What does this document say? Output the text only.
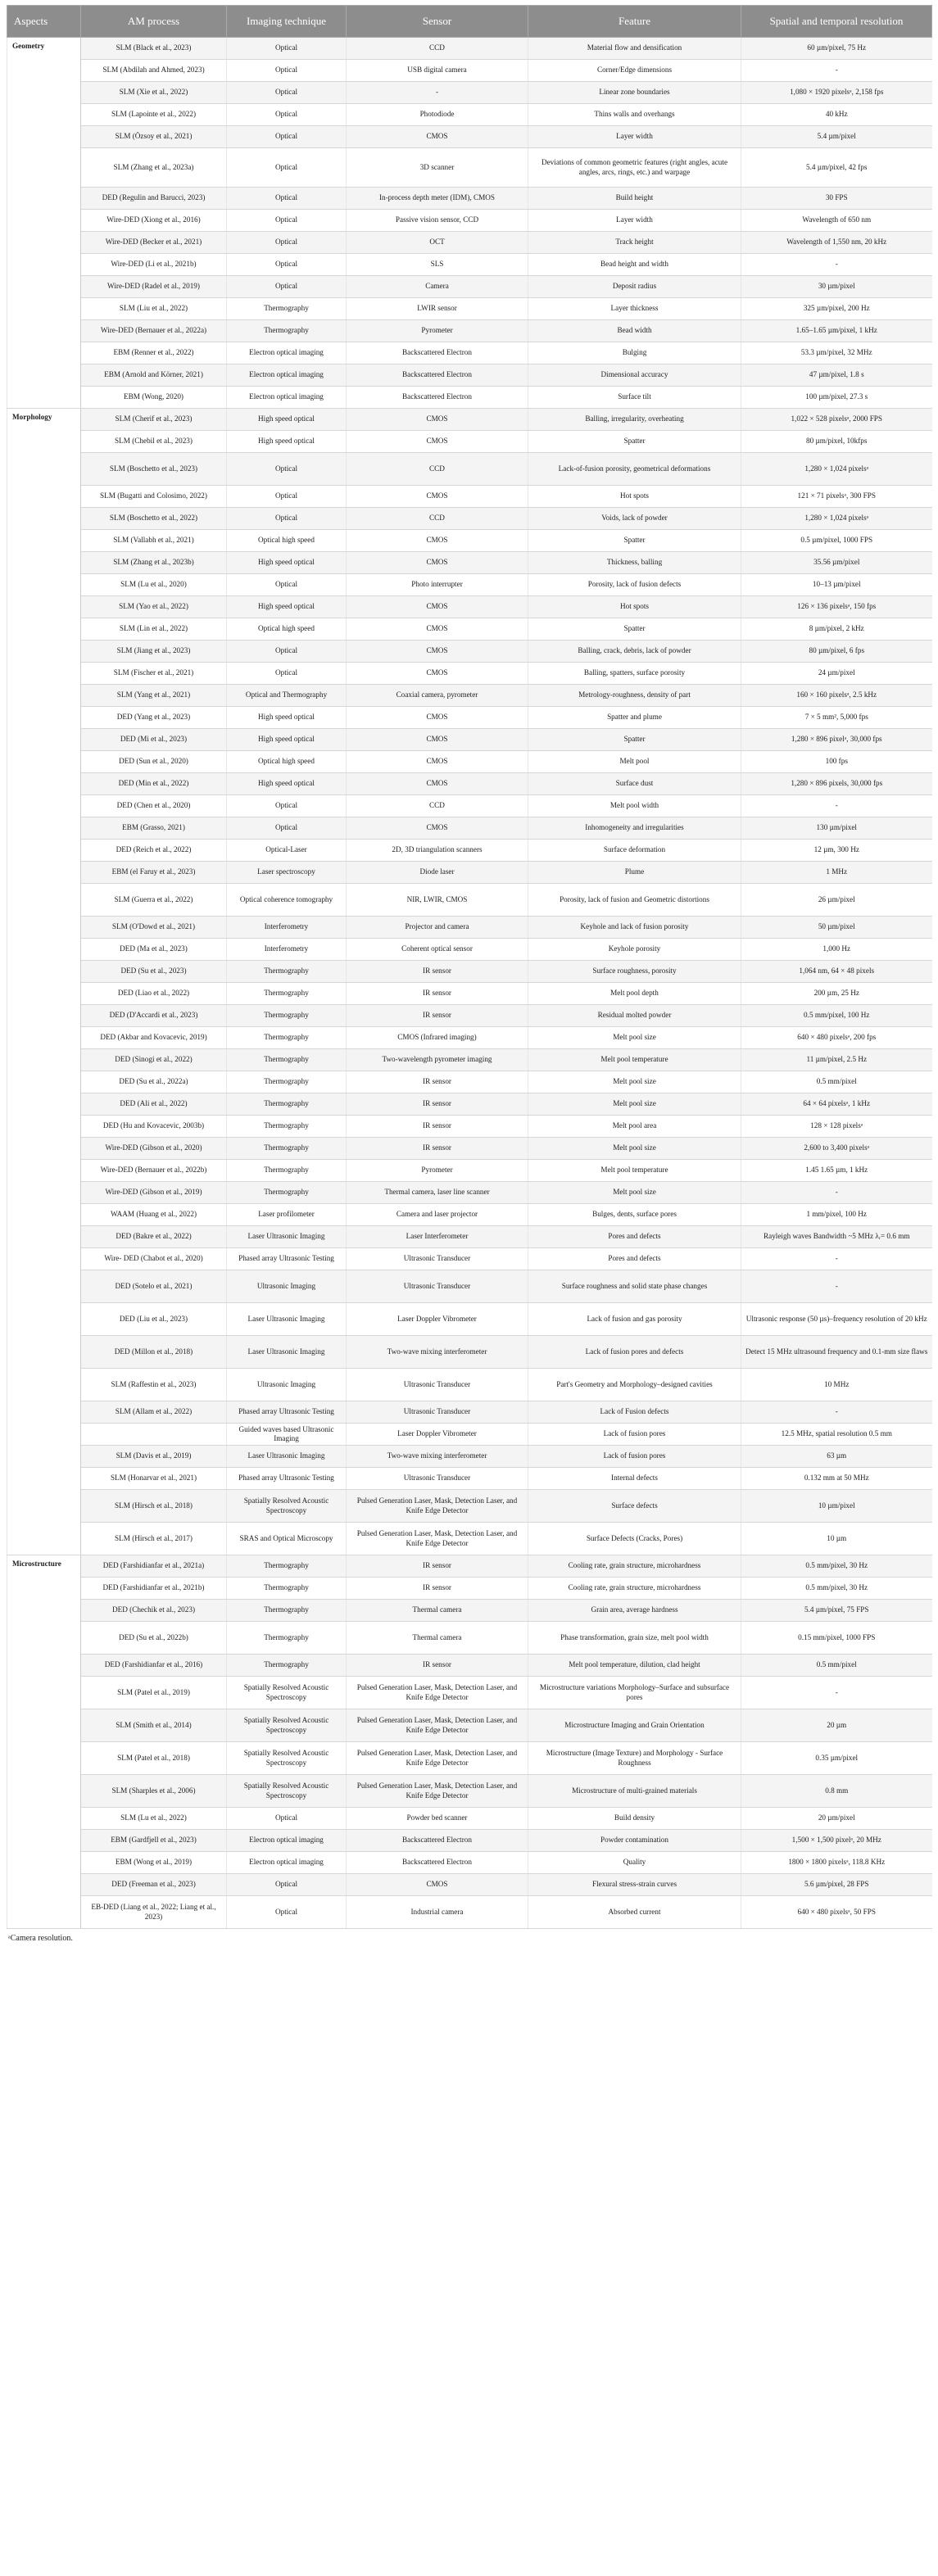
Aspects	AM process	Imaging technique	Sensor	Feature	Spatial and temporal resolution
Geometry	SLM (Black et al., 2023)	Optical	CCD	Material flow and densification	60 µm/pixel, 75 Hz
	SLM (Abdilah and Ahmed, 2023)	Optical	USB digital camera	Corner/Edge dimensions	-
	SLM (Xie et al., 2022)	Optical	-	Linear zone boundaries	1,080 × 1920 pixelsᵃ, 2,158 fps
	SLM (Lapointe et al., 2022)	Optical	Photodiode	Thins walls and overhangs	40 kHz
	SLM (Özsoy et al., 2021)	Optical	CMOS	Layer width	5.4 µm/pixel
	SLM (Zhang et al., 2023a)	Optical	3D scanner	Deviations of common geometric features (right angles, acute angles, arcs, rings, etc.) and warpage	5.4 µm/pixel, 42 fps
	DED (Regulin and Barucci, 2023)	Optical	In-process depth meter (IDM), CMOS	Build height	30 FPS
	Wire-DED (Xiong et al., 2016)	Optical	Passive vision sensor, CCD	Layer width	Wavelength of 650 nm
	Wire-DED (Becker et al., 2021)	Optical	OCT	Track height	Wavelength of 1,550 nm, 20 kHz
	Wire-DED (Li et al., 2021b)	Optical	SLS	Bead height and width	-
	Wire-DED (Radel et al., 2019)	Optical	Camera	Deposit radius	30 µm/pixel
	SLM (Liu et al., 2022)	Thermography	LWIR sensor	Layer thickness	325 µm/pixel, 200 Hz
	Wire-DED (Bernauer et al., 2022a)	Thermography	Pyrometer	Bead width	1.65–1.65 µm/pixel, 1 kHz
	EBM (Renner et al., 2022)	Electron optical imaging	Backscattered Electron	Bulging	53.3 µm/pixel, 32 MHz
	EBM (Arnold and Körner, 2021)	Electron optical imaging	Backscattered Electron	Dimensional accuracy	47 µm/pixel, 1.8 s
	EBM (Wong, 2020)	Electron optical imaging	Backscattered Electron	Surface tilt	100 µm/pixel, 27.3 s
Morphology	SLM (Cherif et al., 2023)	High speed optical	CMOS	Balling, irregularity, overheating	1,022 × 528 pixelsᵃ, 2000 FPS
	SLM (Chebil et al., 2023)	High speed optical	CMOS	Spatter	80 µm/pixel, 10kfps
	SLM (Boschetto et al., 2023)	Optical	CCD	Lack-of-fusion porosity, geometrical deformations	1,280 × 1,024 pixelsᵃ
	SLM (Bugatti and Colosimo, 2022)	Optical	CMOS	Hot spots	121 × 71 pixelsᵃ, 300 FPS
	SLM (Boschetto et al., 2022)	Optical	CCD	Voids, lack of powder	1,280 × 1,024 pixelsᵃ
	SLM (Vallabh et al., 2021)	Optical high speed	CMOS	Spatter	0.5 µm/pixel, 1000 FPS
	SLM (Zhang et al., 2023b)	High speed optical	CMOS	Thickness, balling	35.56 µm/pixel
	SLM (Lu et al., 2020)	Optical	Photo interrupter	Porosity, lack of fusion defects	10–13 µm/pixel
	SLM (Yao et al., 2022)	High speed optical	CMOS	Hot spots	126 × 136 pixelsᵃ, 150 fps
	SLM (Lin et al., 2022)	Optical high speed	CMOS	Spatter	8 µm/pixel, 2 kHz
	SLM (Jiang et al., 2023)	Optical	CMOS	Balling, crack, debris, lack of powder	80 µm/pixel, 6 fps
	SLM (Fischer et al., 2021)	Optical	CMOS	Balling, spatters, surface porosity	24 µm/pixel
	SLM (Yang et al., 2021)	Optical and Thermography	Coaxial camera, pyrometer	Metrology-roughness, density of part	160 × 160 pixelsᵃ, 2.5 kHz
	DED (Yang et al., 2023)	High speed optical	CMOS	Spatter and plume	7 × 5 mm², 5,000 fps
	DED (Mi et al., 2023)	High speed optical	CMOS	Spatter	1,280 × 896 pixelᵃ, 30,000 fps
	DED (Sun et al., 2020)	Optical high speed	CMOS	Melt pool	100 fps
	DED (Min et al., 2022)	High speed optical	CMOS	Surface dust	1,280 × 896 pixels, 30,000 fps
	DED (Chen et al., 2020)	Optical	CCD	Melt pool width	-
	EBM (Grasso, 2021)	Optical	CMOS	Inhomogeneity and irregularities	130 µm/pixel
	DED (Reich et al., 2022)	Optical-Laser	2D, 3D triangulation scanners	Surface deformation	12 µm, 300 Hz
	EBM (el Faruy et al., 2023)	Laser spectroscopy	Diode laser	Plume	1 MHz
	SLM (Guerra et al., 2022)	Optical coherence tomography	NIR, LWIR, CMOS	Porosity, lack of fusion and Geometric distortions	26 µm/pixel
	SLM (O'Dowd et al., 2021)	Interferometry	Projector and camera	Keyhole and lack of fusion porosity	50 µm/pixel
	DED (Ma et al., 2023)	Interferometry	Coherent optical sensor	Keyhole porosity	1,000 Hz
	DED (Su et al., 2023)	Thermography	IR sensor	Surface roughness, porosity	1,064 nm, 64 × 48 pixels
	DED (Liao et al., 2022)	Thermography	IR sensor	Melt pool depth	200 µm, 25 Hz
	DED (D'Accardi et al., 2023)	Thermography	IR sensor	Residual molted powder	0.5 mm/pixel, 100 Hz
	DED (Akbar and Kovacevic, 2019)	Thermography	CMOS (Infrared imaging)	Melt pool size	640 × 480 pixelsᵃ, 200 fps
	DED (Sinogi et al., 2022)	Thermography	Two-wavelength pyrometer imaging	Melt pool temperature	11 µm/pixel, 2.5 Hz
	DED (Su et al., 2022a)	Thermography	IR sensor	Melt pool size	0.5 mm/pixel
	DED (Ali et al., 2022)	Thermography	IR sensor	Melt pool size	64 × 64 pixelsᵃ, 1 kHz
	DED (Hu and Kovacevic, 2003b)	Thermography	IR sensor	Melt pool area	128 × 128 pixelsᵃ
	Wire-DED (Gibson et al., 2020)	Thermography	IR sensor	Melt pool size	2,600 to 3,400 pixelsᵃ
	Wire-DED (Bernauer et al., 2022b)	Thermography	Pyrometer	Melt pool temperature	1.45 1.65 µm, 1 kHz
	Wire-DED (Gibson et al., 2019)	Thermography	Thermal camera, laser line scanner	Melt pool size	-
	WAAM (Huang et al., 2022)	Laser profilometer	Camera and laser projector	Bulges, dents, surface pores	1 mm/pixel, 100 Hz
	DED (Bakre et al., 2022)	Laser Ultrasonic Imaging	Laser Interferometer	Pores and defects	Rayleigh waves Bandwidth ~5 MHz λᵣ= 0.6 mm
	Wire- DED (Chabot et al., 2020)	Phased array Ultrasonic Testing	Ultrasonic Transducer	Pores and defects	-
	DED (Sotelo et al., 2021)	Ultrasonic Imaging	Ultrasonic Transducer	Surface roughness and solid state phase changes	-
	DED (Liu et al., 2023)	Laser Ultrasonic Imaging	Laser Doppler Vibrometer	Lack of fusion and gas porosity	Ultrasonic response (50 µs)–frequency resolution of 20 kHz
	DED (Millon et al., 2018)	Laser Ultrasonic Imaging	Two-wave mixing interferometer	Lack of fusion pores and defects	Detect 15 MHz ultrasound frequency and 0.1-mm size flaws
	SLM (Raffestin et al., 2023)	Ultrasonic Imaging	Ultrasonic Transducer	Part's Geometry and Morphology–designed cavities	10 MHz
	SLM (Allam et al., 2022)	Phased array Ultrasonic Testing	Ultrasonic Transducer	Lack of Fusion defects	-
		Guided waves based Ultrasonic Imaging	Laser Doppler Vibrometer	Lack of fusion pores	12.5 MHz, spatial resolution 0.5 mm
	SLM (Davis et al., 2019)	Laser Ultrasonic Imaging	Two-wave mixing interferometer	Lack of fusion pores	63 µm
	SLM (Honarvar et al., 2021)	Phased array Ultrasonic Testing	Ultrasonic Transducer	Internal defects	0.132 mm at 50 MHz
	SLM (Hirsch et al., 2018)	Spatially Resolved Acoustic Spectroscopy	Pulsed Generation Laser, Mask, Detection Laser, and Knife Edge Detector	Surface defects	10 µm/pixel
	SLM (Hirsch et al., 2017)	SRAS and Optical Microscopy	Pulsed Generation Laser, Mask, Detection Laser, and Knife Edge Detector	Surface Defects (Cracks, Pores)	10 µm
Microstructure	DED (Farshidianfar et al., 2021a)	Thermography	IR sensor	Cooling rate, grain structure, microhardness	0.5 mm/pixel, 30 Hz
	DED (Farshidianfar et al., 2021b)	Thermography	IR sensor	Cooling rate, grain structure, microhardness	0.5 mm/pixel, 30 Hz
	DED (Chechik et al., 2023)	Thermography	Thermal camera	Grain area, average hardness	5.4 µm/pixel, 75 FPS
	DED (Su et al., 2022b)	Thermography	Thermal camera	Phase transformation, grain size, melt pool width	0.15 mm/pixel, 1000 FPS
	DED (Farshidianfar et al., 2016)	Thermography	IR sensor	Melt pool temperature, dilution, clad height	0.5 mm/pixel
	SLM (Patel et al., 2019)	Spatially Resolved Acoustic Spectroscopy	Pulsed Generation Laser, Mask, Detection Laser, and Knife Edge Detector	Microstructure variations Morphology–Surface and subsurface pores	-
	SLM (Smith et al., 2014)	Spatially Resolved Acoustic Spectroscopy	Pulsed Generation Laser, Mask, Detection Laser, and Knife Edge Detector	Microstructure Imaging and Grain Orientation	20 µm
	SLM (Patel et al., 2018)	Spatially Resolved Acoustic Spectroscopy	Pulsed Generation Laser, Mask, Detection Laser, and Knife Edge Detector	Microstructure (Image Texture) and Morphology - Surface Roughness	0.35 µm/pixel
	SLM (Sharples et al., 2006)	Spatially Resolved Acoustic Spectroscopy	Pulsed Generation Laser, Mask, Detection Laser, and Knife Edge Detector	Microstructure of multi-grained materials	0.8 mm
	SLM (Lu et al., 2022)	Optical	Powder bed scanner	Build density	20 µm/pixel
	EBM (Gardfjell et al., 2023)	Electron optical imaging	Backscattered Electron	Powder contamination	1,500 × 1,500 pixelᵃ, 20 MHz
	EBM (Wong et al., 2019)	Electron optical imaging	Backscattered Electron	Quality	1800 × 1800 pixelsᵃ, 118.8 KHz
	DED (Freeman et al., 2023)	Optical	CMOS	Flexural stress-strain curves	5.6 µm/pixel, 28 FPS
	EB-DED (Liang et al., 2022; Liang et al., 2023)	Optical	Industrial camera	Absorbed current	640 × 480 pixelsᵃ, 50 FPS
ᵃCamera resolution.
